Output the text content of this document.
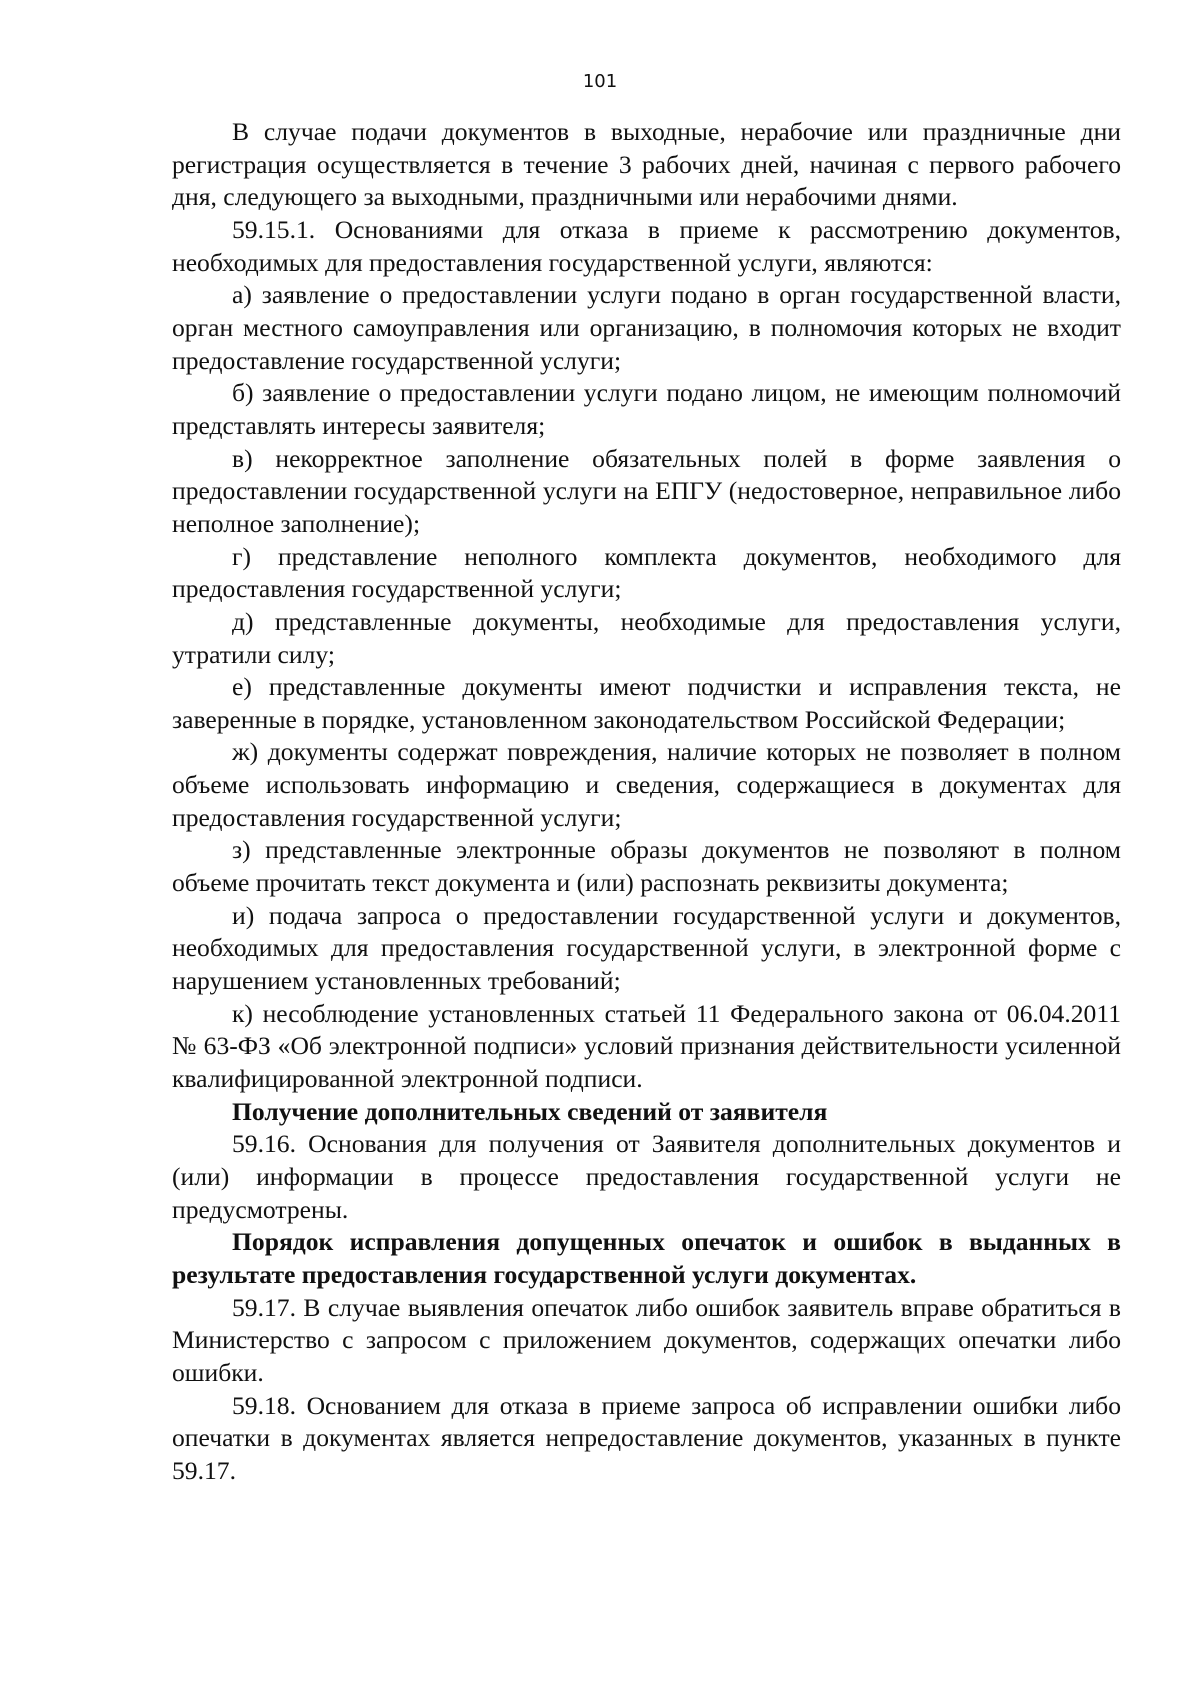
101

В случае подачи документов в выходные, нерабочие или праздничные дни регистрация осуществляется в течение 3 рабочих дней, начиная с первого рабочего дня, следующего за выходными, праздничными или нерабочими днями.

59.15.1. Основаниями для отказа в приеме к рассмотрению документов, необходимых для предоставления государственной услуги, являются:

а) заявление о предоставлении услуги подано в орган государственной власти, орган местного самоуправления или организацию, в полномочия которых не входит предоставление государственной услуги;

б) заявление о предоставлении услуги подано лицом, не имеющим полномочий представлять интересы заявителя;

в) некорректное заполнение обязательных полей в форме заявления о предоставлении государственной услуги на ЕПГУ (недостоверное, неправильное либо неполное заполнение);

г) представление неполного комплекта документов, необходимого для предоставления государственной услуги;

д) представленные документы, необходимые для предоставления услуги, утратили силу;

е) представленные документы имеют подчистки и исправления текста, не заверенные в порядке, установленном законодательством Российской Федерации;

ж) документы содержат повреждения, наличие которых не позволяет в полном объеме использовать информацию и сведения, содержащиеся в документах для предоставления государственной услуги;

з) представленные электронные образы документов не позволяют в полном объеме прочитать текст документа и (или) распознать реквизиты документа;

и) подача запроса о предоставлении государственной услуги и документов, необходимых для предоставления государственной услуги, в электронной форме с нарушением установленных требований;

к) несоблюдение установленных статьей 11 Федерального закона от 06.04.2011 № 63-ФЗ «Об электронной подписи» условий признания действительности усиленной квалифицированной электронной подписи.

Получение дополнительных сведений от заявителя

59.16. Основания для получения от Заявителя дополнительных документов и (или) информации в процессе предоставления государственной услуги не предусмотрены.

Порядок исправления допущенных опечаток и ошибок в выданных в результате предоставления государственной услуги документах.

59.17. В случае выявления опечаток либо ошибок заявитель вправе обратиться в Министерство с запросом с приложением документов, содержащих опечатки либо ошибки.

59.18. Основанием для отказа в приеме запроса об исправлении ошибки либо опечатки в документах является непредоставление документов, указанных в пункте 59.17.
